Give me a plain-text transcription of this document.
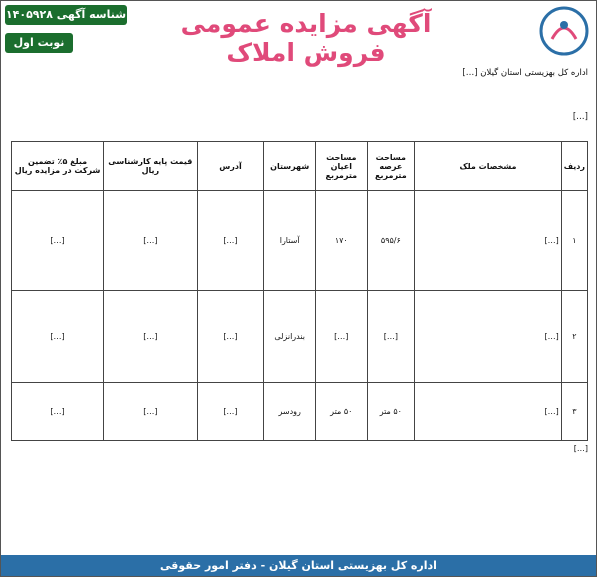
آگهی مزایده عمومی فروش املاک
شناسه آگهی ۱۴۰۵۹۲۸
نوبت اول
اداره کل بهزیستی استان گیلان […]
[…]
ردیف	مشخصات ملک	مساحت عرصه مترمربع	مساحت اعیان مترمربع	شهرستان	آدرس	قیمت پایه کارشناسی ریال	مبلغ ۵٪ تضمین شرکت در مزایده ریال
۱	[…]	۵۹۵/۶	۱۷۰	آستارا	[…]	[…]	[…]
۲	[…]	[…]	[…]	بندرانزلی	[…]	[…]	[…]
۳	[…]	۵۰ متر	۵۰ متر	رودسر	[…]	[…]	[…]

[…]

اداره کل بهزیستی استان گیلان - دفتر امور حقوقی
